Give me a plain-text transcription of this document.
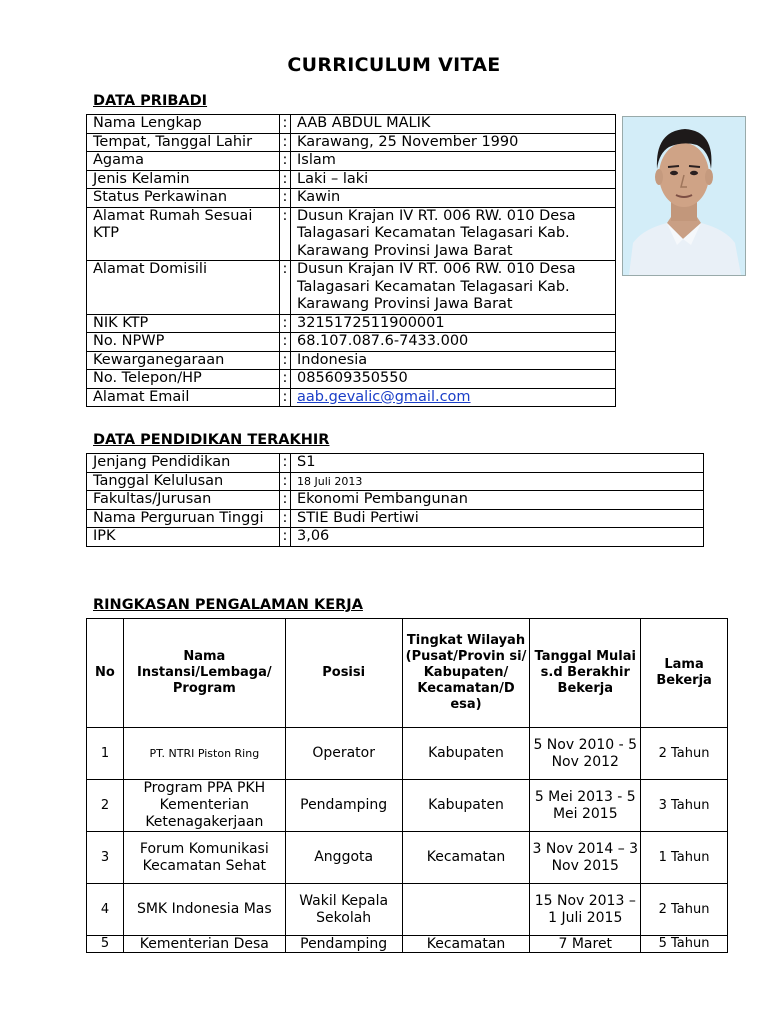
CURRICULUM VITAE
DATA PRIBADI
Nama Lengkap	:	AAB ABDUL MALIK
Tempat, Tanggal Lahir	:	Karawang, 25 November 1990
Agama	:	Islam
Jenis Kelamin	:	Laki – laki
Status Perkawinan	:	Kawin
Alamat Rumah Sesuai KTP	:	Dusun Krajan IV RT. 006 RW. 010 Desa Talagasari Kecamatan Telagasari Kab. Karawang Provinsi Jawa Barat
Alamat Domisili	:	Dusun Krajan IV RT. 006 RW. 010 Desa Talagasari Kecamatan Telagasari Kab. Karawang Provinsi Jawa Barat
NIK KTP	:	3215172511900001
No. NPWP	:	68.107.087.6-7433.000
Kewarganegaraan	:	Indonesia
No. Telepon/HP	:	085609350550
Alamat Email	:	aab.gevalic@gmail.com
DATA PENDIDIKAN TERAKHIR
Jenjang Pendidikan	:	S1
Tanggal Kelulusan	:	18 Juli 2013
Fakultas/Jurusan	:	Ekonomi Pembangunan
Nama Perguruan Tinggi	:	STIE Budi Pertiwi
IPK	:	3,06
RINGKASAN PENGALAMAN KERJA
No	Nama Instansi/Lembaga/ Program	Posisi	Tingkat Wilayah (Pusat/Provin si/ Kabupaten/ Kecamatan/D esa)	Tanggal Mulai s.d Berakhir Bekerja	Lama Bekerja
1	PT. NTRI Piston Ring	Operator	Kabupaten	5 Nov 2010 - 5 Nov 2012	2 Tahun
2	Program PPA PKH Kementerian Ketenagakerjaan	Pendamping	Kabupaten	5 Mei 2013 - 5 Mei 2015	3 Tahun
3	Forum Komunikasi Kecamatan Sehat	Anggota	Kecamatan	3 Nov 2014 – 3 Nov 2015	1 Tahun
4	SMK Indonesia Mas	Wakil Kepala Sekolah		15 Nov 2013 – 1 Juli 2015	2 Tahun
5	Kementerian Desa	Pendamping	Kecamatan	7 Maret	5 Tahun
